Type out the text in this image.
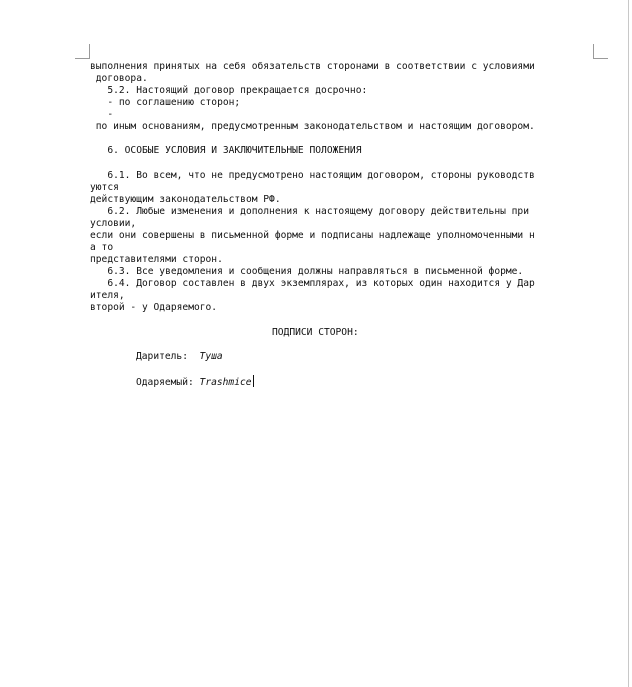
выполнения принятых на себя обязательств сторонами в соответствии с условиями
договора.
5.2. Настоящий договор прекращается досрочно:
- по соглашению сторон;
-
по иным основаниям, предусмотренным законодательством и настоящим договором.
6. ОСОБЫЕ УСЛОВИЯ И ЗАКЛЮЧИТЕЛЬНЫЕ ПОЛОЖЕНИЯ
6.1. Во всем, что не предусмотрено настоящим договором, стороны руководств
уются
действующим законодательством РФ.
6.2. Любые изменения и дополнения к настоящему договору действительны при
условии,
если они совершены в письменной форме и подписаны надлежаще уполномоченными н
а то
представителями сторон.
6.3. Все уведомления и сообщения должны направляться в письменной форме.
6.4. Договор составлен в двух экземплярах, из которых один находится у Дар
ителя,
второй - у Одаряемого.
ПОДПИСИ СТОРОН:
Даритель: Туша
Одаряемый: Trashmice
